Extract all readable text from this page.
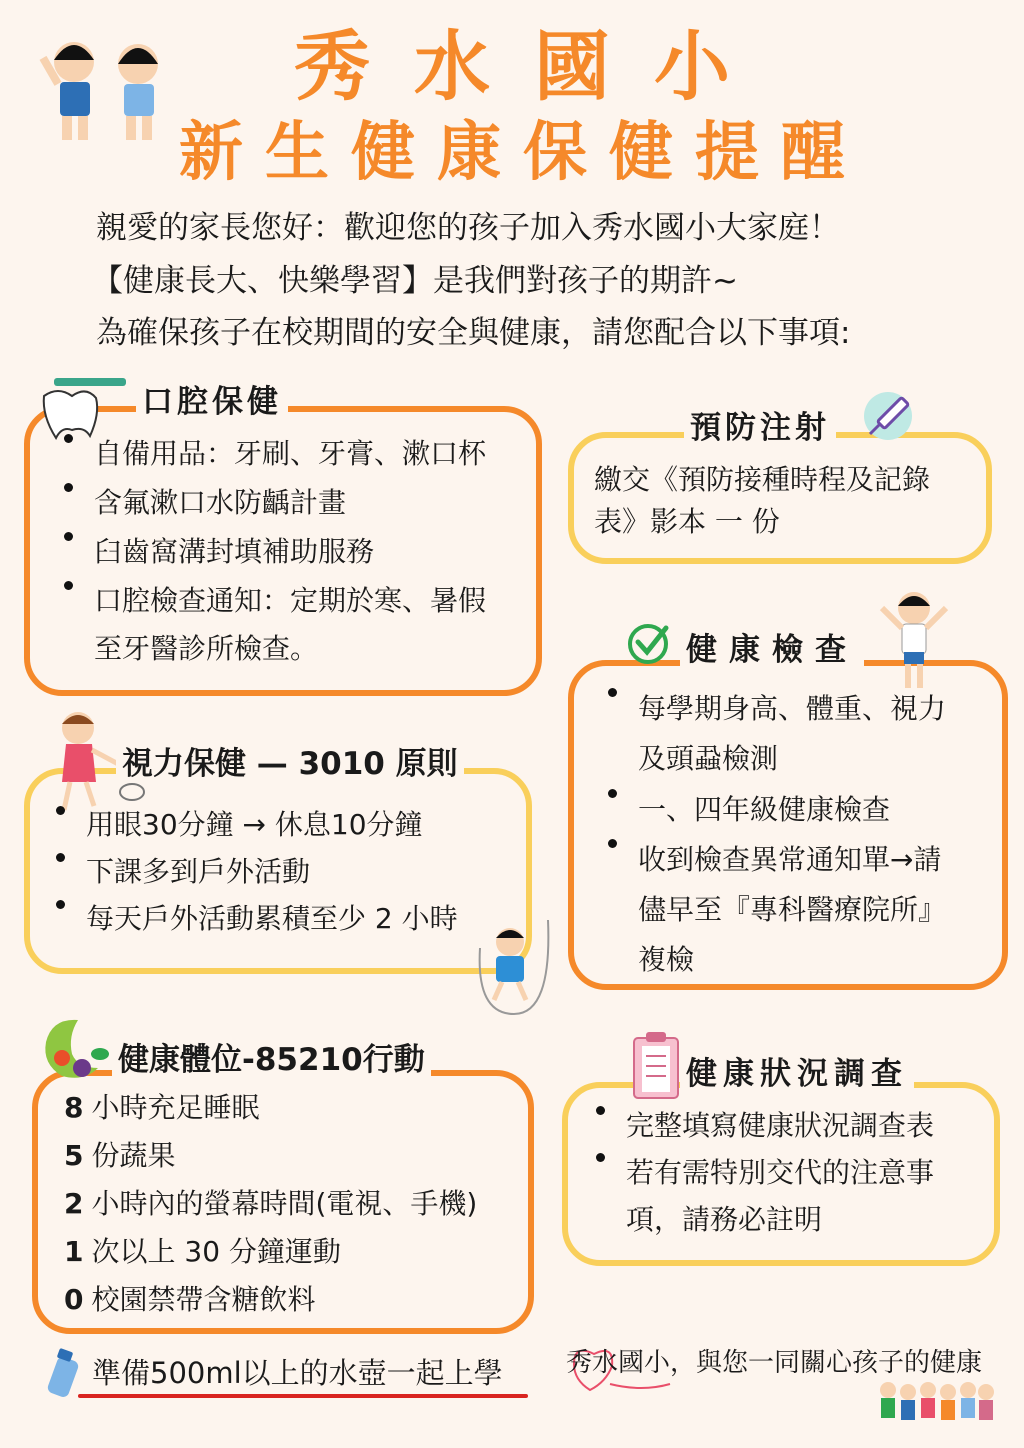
秀水國小
新生健康保健提醒
親愛的家長您好：歡迎您的孩子加入秀水國小大家庭！
【健康長大、快樂學習】是我們對孩子的期許~
為確保孩子在校期間的安全與健康，請您配合以下事項:
口腔保健
自備用品：牙刷、牙膏、漱口杯
含氟漱口水防齲計畫
臼齒窩溝封填補助服務
口腔檢查通知：定期於寒、暑假
至牙醫診所檢查。
預防注射
繳交《預防接種時程及記錄
表》影本 一 份
健康檢查
每學期身高、體重、視力
及頭蝨檢測
一、四年級健康檢查
收到檢查異常通知單→請
儘早至『專科醫療院所』
複檢
視力保健 — 3010 原則
用眼30分鐘 → 休息10分鐘
下課多到戶外活動
每天戶外活動累積至少 2 小時
健康體位-85210行動
8 小時充足睡眠
5 份蔬果
2 小時內的螢幕時間(電視、手機)
1 次以上 30 分鐘運動
0 校園禁帶含糖飲料
健康狀況調查
完整填寫健康狀況調查表
若有需特別交代的注意事
項，請務必註明
準備500ml以上的水壺一起上學 秀水國小，與您一同關心孩子的健康
